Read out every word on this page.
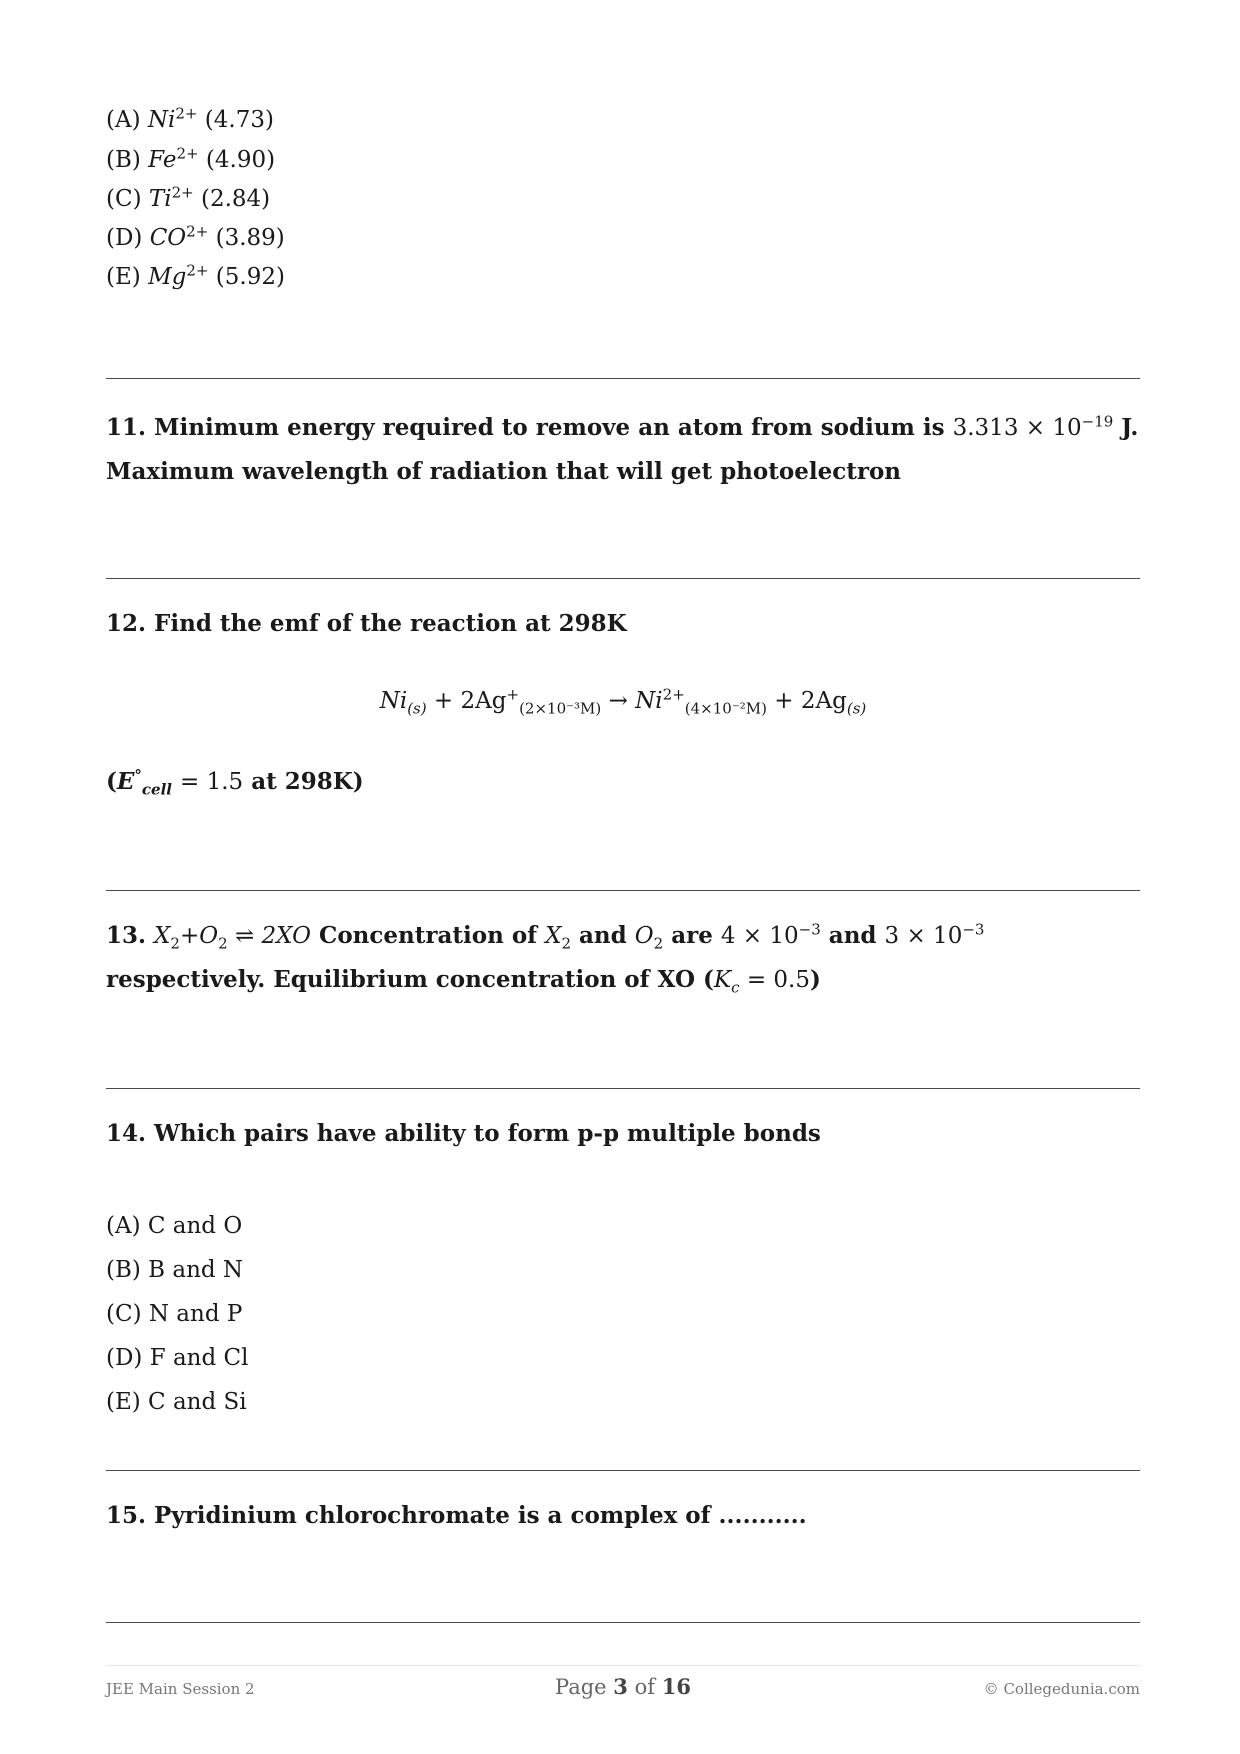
(A) $Ni^{2+}$ (4.73)
(B) $Fe^{2+}$ (4.90)
(C) $Ti^{2+}$ (2.84)
(D) $CO^{2+}$ (3.89)
(E) $Mg^{2+}$ (5.92)
11. Minimum energy required to remove an atom from sodium is $3.313 \times 10^{-19}$ J. Maximum wavelength of radiation that will get photoelectron
12. Find the emf of the reaction at 298K
$Ni_{(s)} + 2Ag^+_{(2\times 10^{-3}M)} \to Ni^{2+}_{(4\times 10^{-2}M)} + 2Ag_{(s)}$
($E^\circ_{cell} = 1.5$ at 298K)
13. $X_2+O_2$ ⇌ 2XO Concentration of $X_2$ and $O_2$ are $4 \times 10^{-3}$ and $3 \times 10^{-3}$ respectively. Equilibrium concentration of XO $(K_c = 0.5)$
14. Which pairs have ability to form p-p multiple bonds
(A) C and O
(B) B and N
(C) N and P
(D) F and Cl
(E) C and Si
15. Pyridinium chlorochromate is a complex of ...........
JEE Main Session 2	Page 3 of 16	© Collegedunia.com
